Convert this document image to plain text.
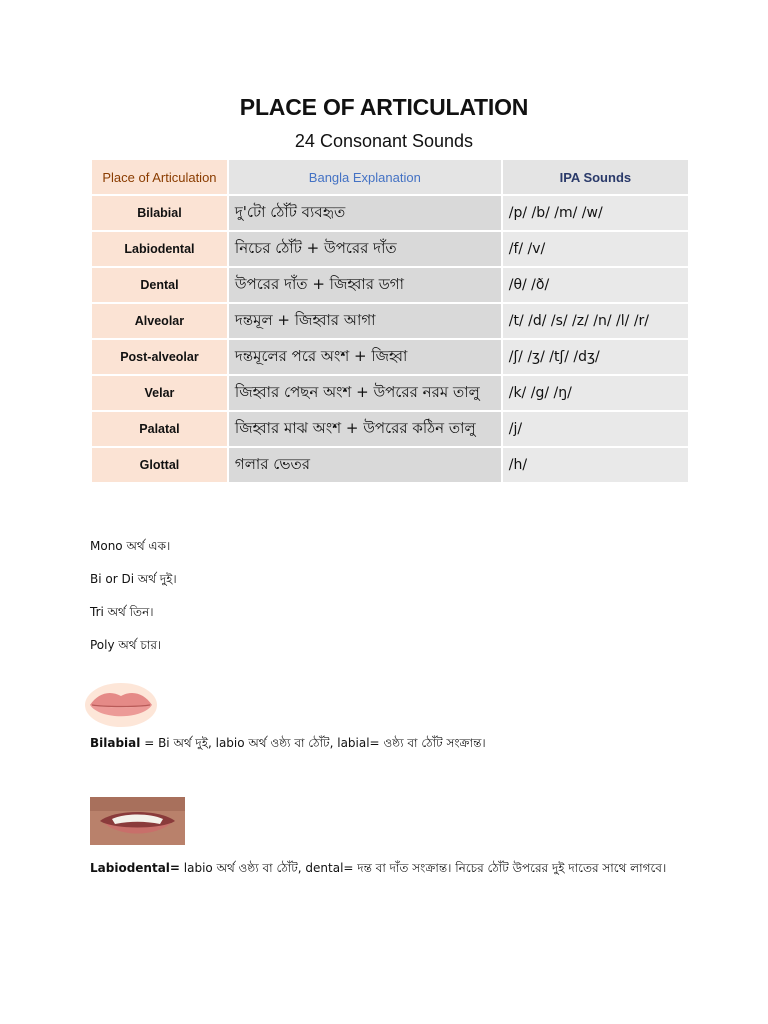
PLACE OF ARTICULATION
24 Consonant Sounds
Place of Articulation	Bangla Explanation	IPA Sounds
Bilabial	দু'টো ঠোঁট ব্যবহৃত	/p/ /b/ /m/ /w/
Labiodental	নিচের ঠোঁট + উপরের দাঁত	/f/ /v/
Dental	উপরের দাঁত + জিহ্বার ডগা	/θ/ /ð/
Alveolar	দন্তমূল + জিহ্বার আগা	/t/ /d/ /s/ /z/ /n/ /l/ /r/
Post-alveolar	দন্তমূলের পরে অংশ + জিহ্বা	/ʃ/ /ʒ/ /tʃ/ /dʒ/
Velar	জিহ্বার পেছন অংশ + উপরের নরম তালু	/k/ /g/ /ŋ/
Palatal	জিহ্বার মাঝ অংশ + উপরের কঠিন তালু	/j/
Glottal	গলার ভেতর	/h/
Mono অর্থ এক।
Bi or Di অর্থ দুই।
Tri অর্থ তিন।
Poly অর্থ চার।
Bilabial = Bi অর্থ দুই, labio অর্থ ওষ্ঠ্য বা ঠোঁট, labial= ওষ্ঠ্য বা ঠোঁট সংক্রান্ত।
Labiodental= labio অর্থ ওষ্ঠ্য বা ঠোঁট, dental= দন্ত বা দাঁত সংক্রান্ত। নিচের ঠোঁট উপরের দুই দাতের সাথে লাগবে।
